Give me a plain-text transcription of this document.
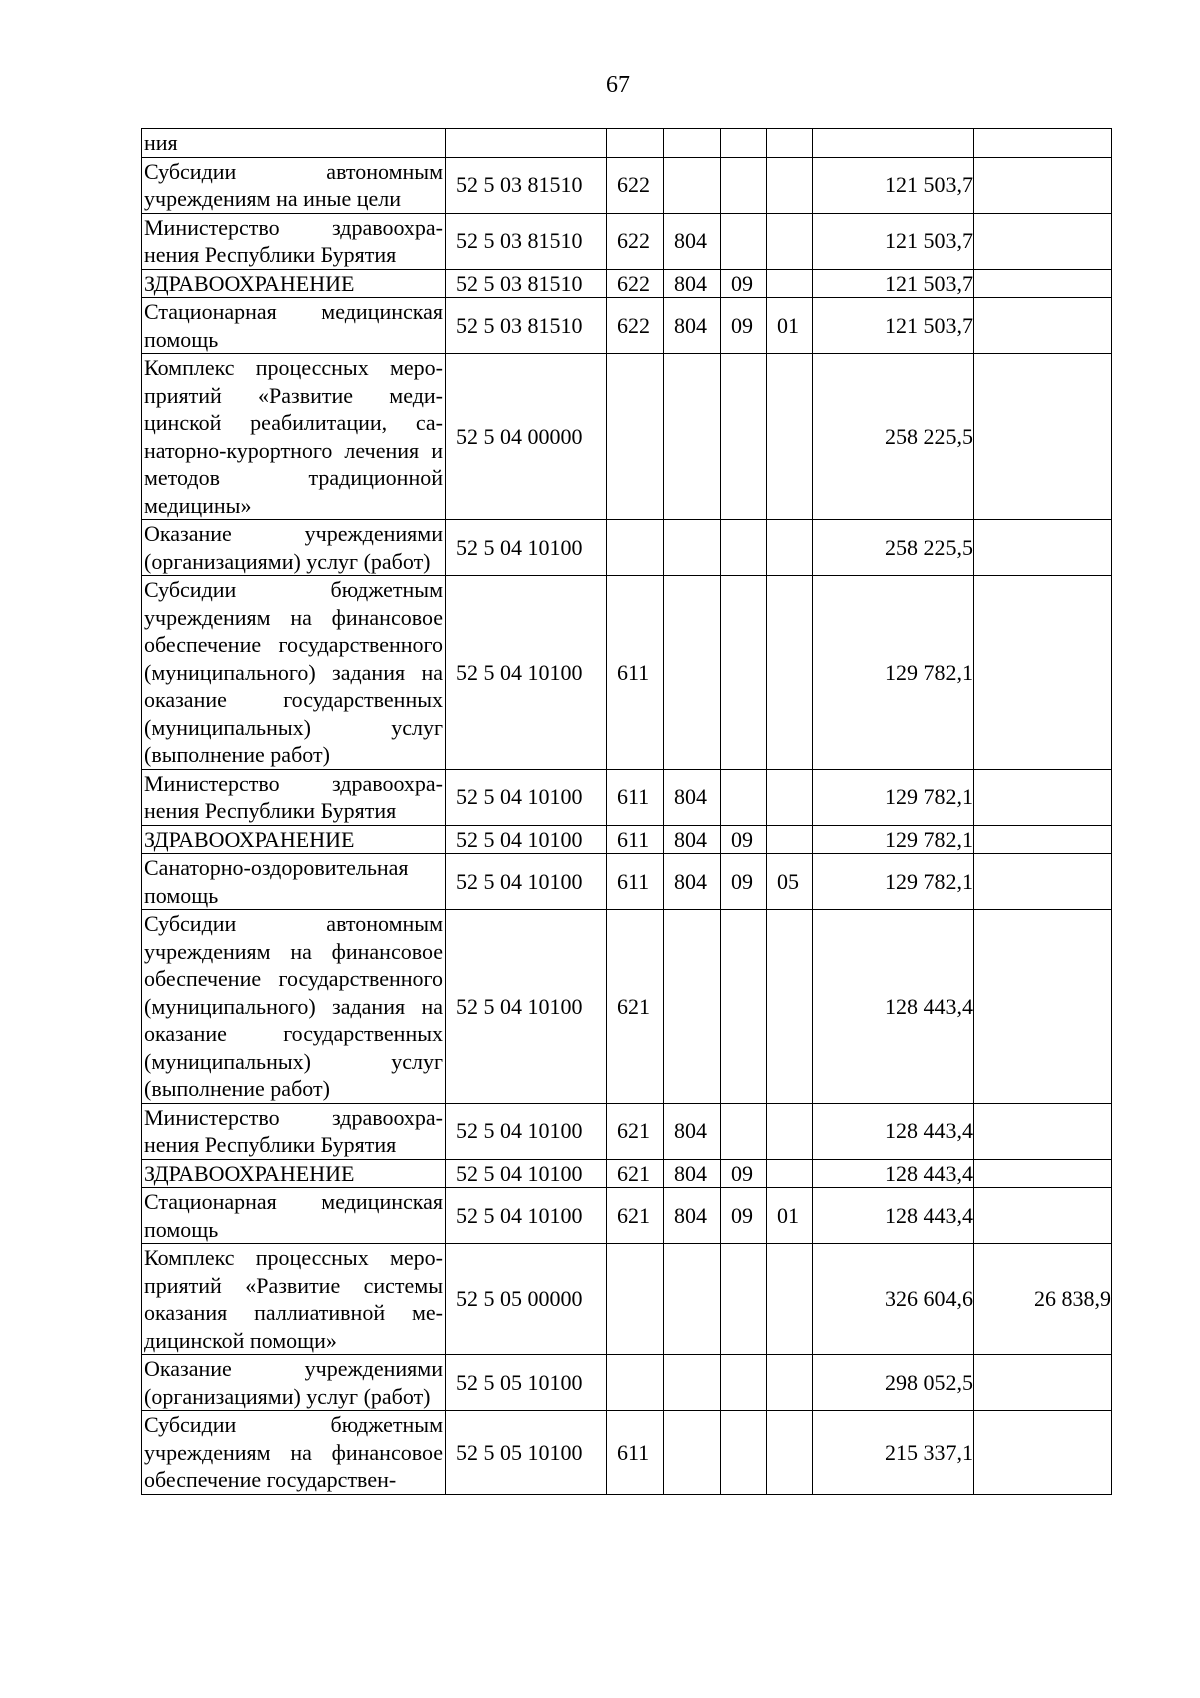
67
ния							
Субсидии автономным учреждениям на иные цели	52 5 03 81510	622				121 503,7	
Министерство здравоохранения Республики Бурятия	52 5 03 81510	622	804			121 503,7	
ЗДРАВООХРАНЕНИЕ	52 5 03 81510	622	804	09		121 503,7	
Стационарная медицинская помощь	52 5 03 81510	622	804	09	01	121 503,7	
Комплекс процессных мероприятий «Развитие медицинской реабилитации, санаторно-курортного лечения и методов традиционной медицины»	52 5 04 00000					258 225,5	
Оказание учреждениями (организациями) услуг (работ)	52 5 04 10100					258 225,5	
Субсидии бюджетным учреждениям на финансовое обеспечение государственного (муниципального) задания на оказание государственных (муниципальных) услуг (выполнение работ)	52 5 04 10100	611				129 782,1	
Министерство здравоохранения Республики Бурятия	52 5 04 10100	611	804			129 782,1	
ЗДРАВООХРАНЕНИЕ	52 5 04 10100	611	804	09		129 782,1	
Санаторно-оздоровительная помощь	52 5 04 10100	611	804	09	05	129 782,1	
Субсидии автономным учреждениям на финансовое обеспечение государственного (муниципального) задания на оказание государственных (муниципальных) услуг (выполнение работ)	52 5 04 10100	621				128 443,4	
Министерство здравоохранения Республики Бурятия	52 5 04 10100	621	804			128 443,4	
ЗДРАВООХРАНЕНИЕ	52 5 04 10100	621	804	09		128 443,4	
Стационарная медицинская помощь	52 5 04 10100	621	804	09	01	128 443,4	
Комплекс процессных мероприятий «Развитие системы оказания паллиативной медицинской помощи»	52 5 05 00000					326 604,6	26 838,9
Оказание учреждениями (организациями) услуг (работ)	52 5 05 10100					298 052,5	
Субсидии бюджетным учреждениям на финансовое обеспечение государствен-	52 5 05 10100	611				215 337,1	
